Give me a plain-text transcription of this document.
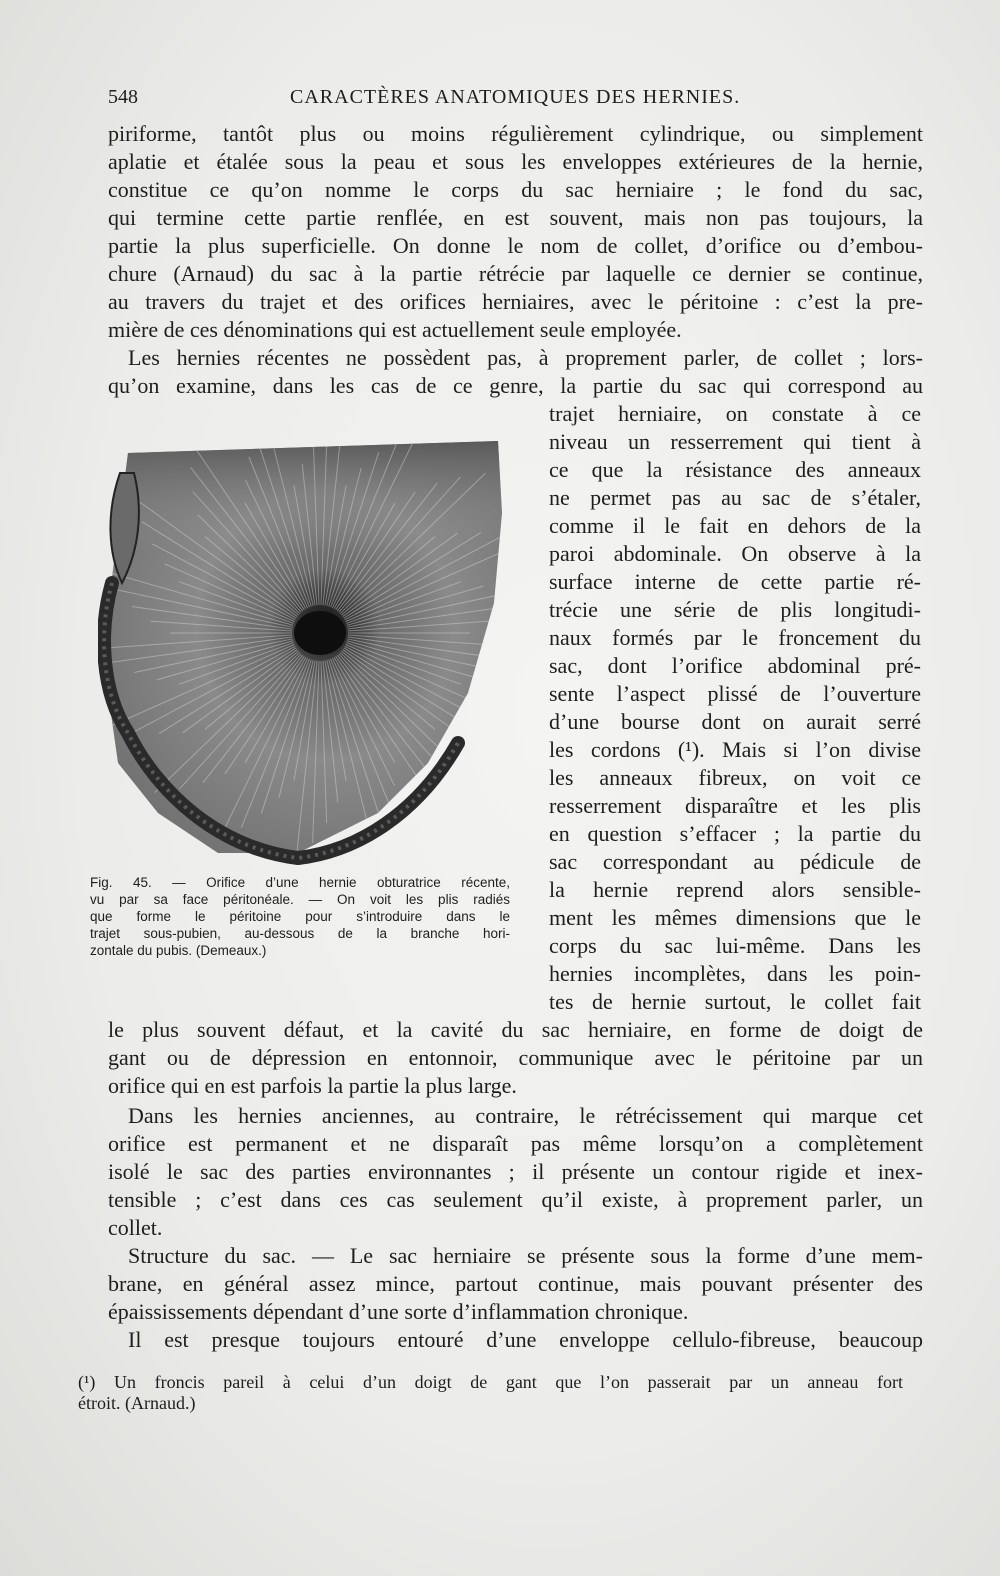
548	CARACTÈRES ANATOMIQUES DES HERNIES.
piriforme, tantôt plus ou moins régulièrement cylindrique, ou simplement
aplatie et étalée sous la peau et sous les enveloppes extérieures de la hernie,
constitue ce qu’on nomme le corps du sac herniaire ; le fond du sac,
qui termine cette partie renflée, en est souvent, mais non pas toujours, la
partie la plus superficielle. On donne le nom de collet, d’orifice ou d’embou-
chure (Arnaud) du sac à la partie rétrécie par laquelle ce dernier se continue,
au travers du trajet et des orifices herniaires, avec le péritoine : c’est la pre-
mière de ces dénominations qui est actuellement seule employée.
Les hernies récentes ne possèdent pas, à proprement parler, de collet ; lors-
qu’on examine, dans les cas de ce genre, la partie du sac qui correspond au
trajet herniaire, on constate à ce
niveau un resserrement qui tient à
ce que la résistance des anneaux
ne permet pas au sac de s’étaler,
comme il le fait en dehors de la
paroi abdominale. On observe à la
surface interne de cette partie ré-
trécie une série de plis longitudi-
naux formés par le froncement du
sac, dont l’orifice abdominal pré-
sente l’aspect plissé de l’ouverture
d’une bourse dont on aurait serré
les cordons (¹). Mais si l’on divise
les anneaux fibreux, on voit ce
resserrement disparaître et les plis
en question s’effacer ; la partie du
sac correspondant au pédicule de
la hernie reprend alors sensible-
ment les mêmes dimensions que le
corps du sac lui-même. Dans les
hernies incomplètes, dans les poin-
tes de hernie surtout, le collet fait
le plus souvent défaut, et la cavité du sac herniaire, en forme de doigt de
gant ou de dépression en entonnoir, communique avec le péritoine par un
orifice qui en est parfois la partie la plus large.
Dans les hernies anciennes, au contraire, le rétrécissement qui marque cet
orifice est permanent et ne disparaît pas même lorsqu’on a complètement
isolé le sac des parties environnantes ; il présente un contour rigide et inex-
tensible ; c’est dans ces cas seulement qu’il existe, à proprement parler, un
collet.
Structure du sac. — Le sac herniaire se présente sous la forme d’une mem-
brane, en général assez mince, partout continue, mais pouvant présenter des
épaississements dépendant d’une sorte d’inflammation chronique.
Il est presque toujours entouré d’une enveloppe cellulo-fibreuse, beaucoup
Fig. 45. — Orifice d’une hernie obturatrice récente,
vu par sa face péritonéale. — On voit les plis radiés
que forme le péritoine pour s’introduire dans le
trajet sous-pubien, au-dessous de la branche hori-
zontale du pubis. (Demeaux.)
(¹) Un froncis pareil à celui d’un doigt de gant que l’on passerait par un anneau fort
étroit. (Arnaud.)
